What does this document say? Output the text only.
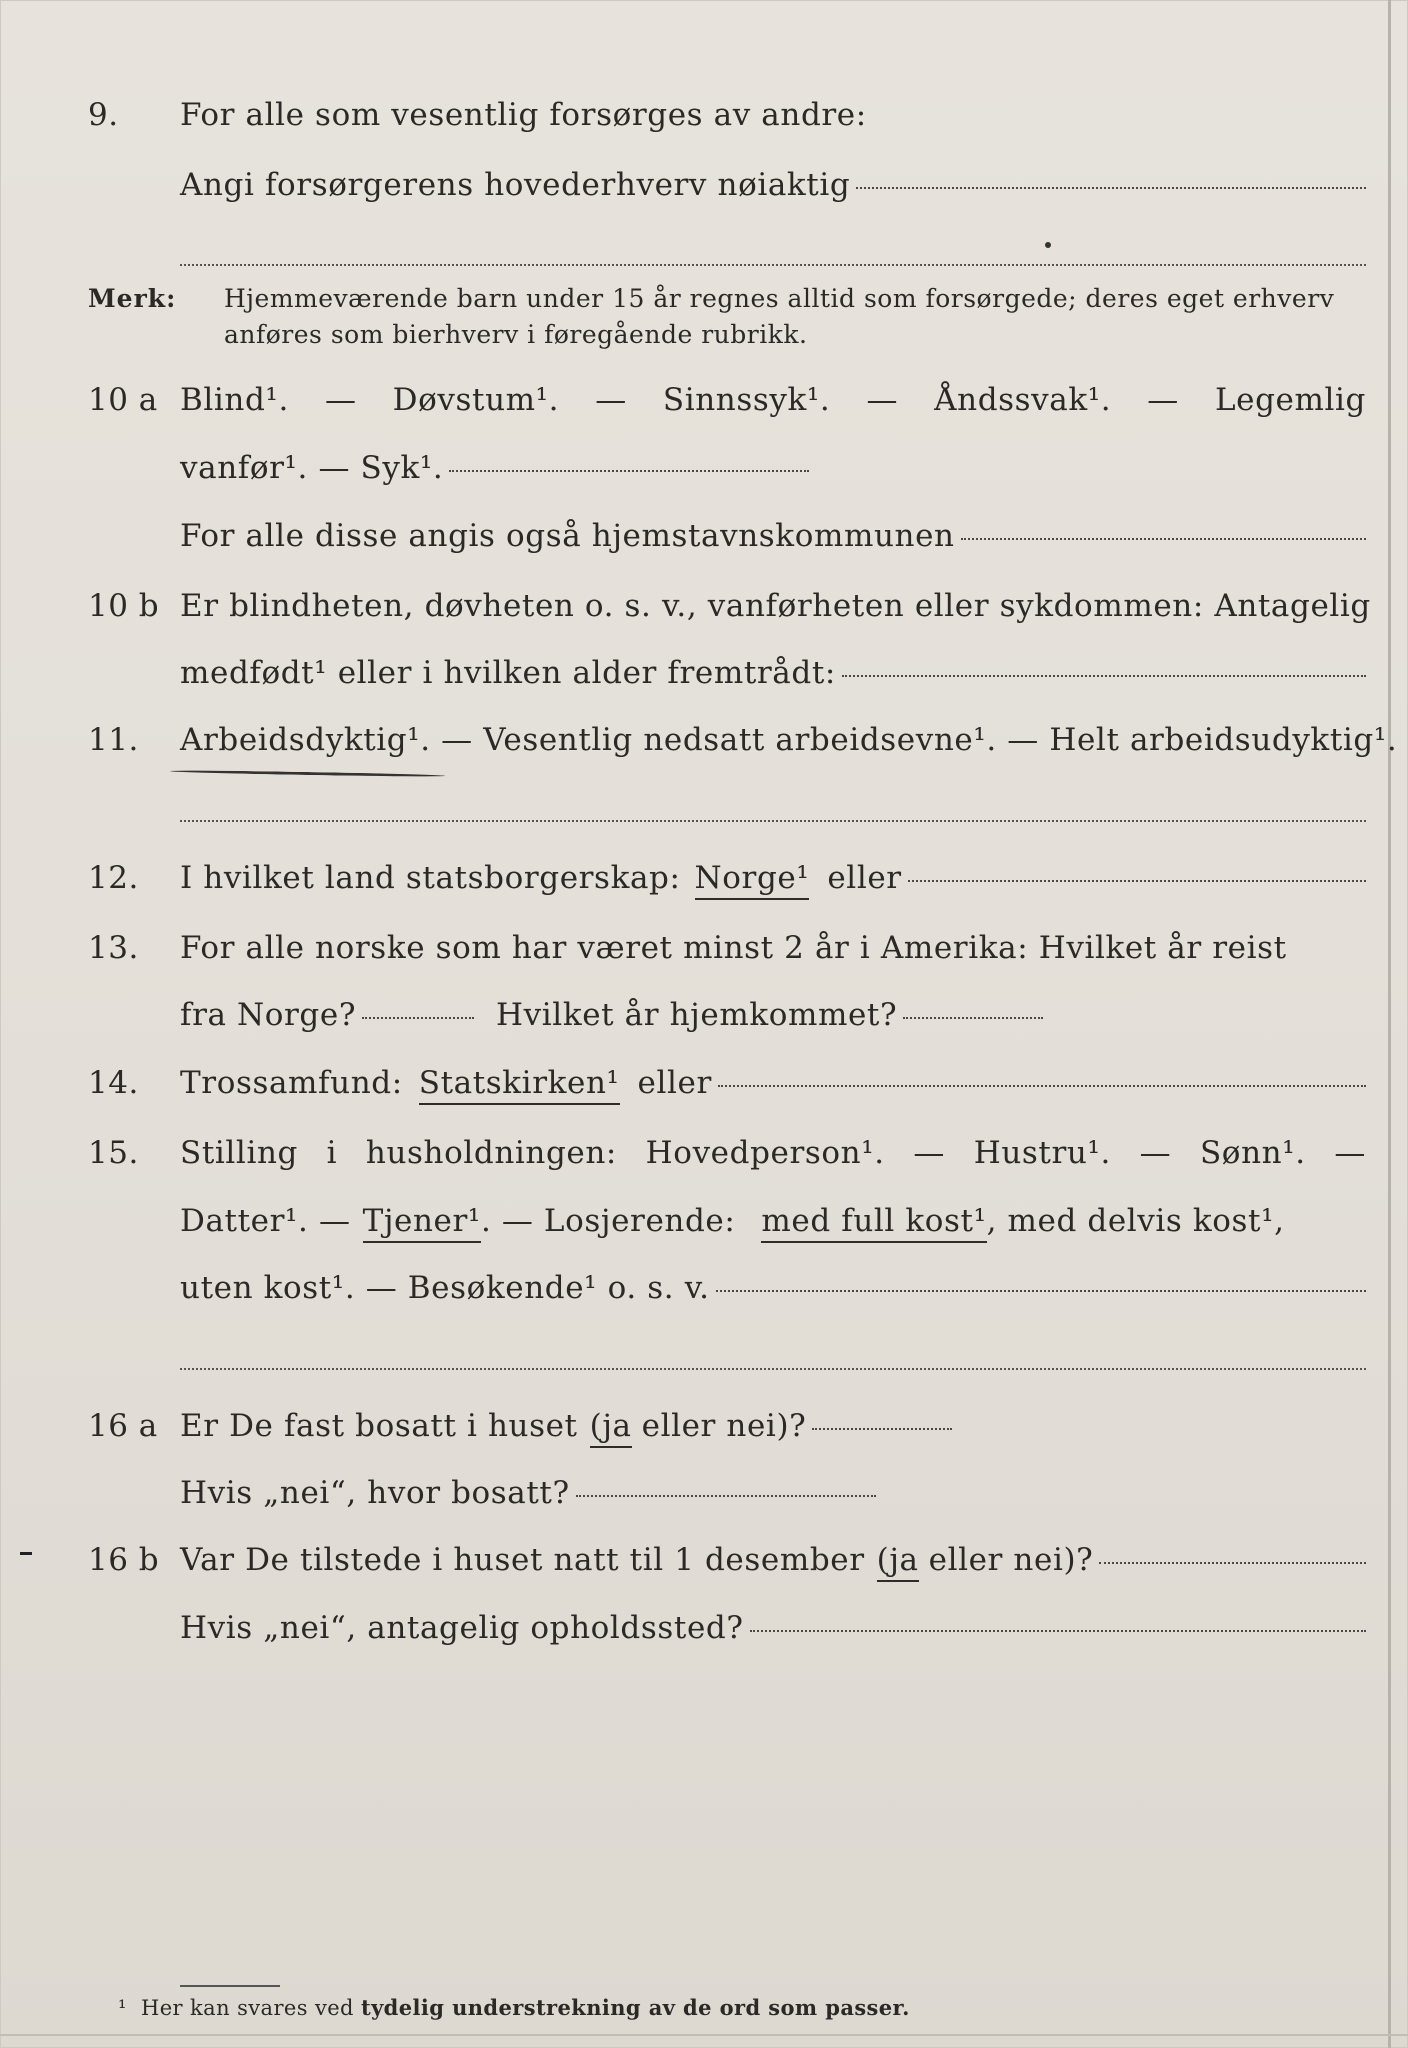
9. For alle som vesentlig forsørges av andre:
Angi forsørgerens hovederhverv nøiaktig
Merk: Hjemmeværende barn under 15 år regnes alltid som forsørgede; deres eget erhverv
anføres som bierhverv i føregående rubrikk.
10 a Blind¹. — Døvstum¹. — Sinnssyk¹. — Åndssvak¹. — Legemlig
vanfør¹. — Syk¹.
For alle disse angis også hjemstavnskommunen
10 b Er blindheten, døvheten o. s. v., vanførheten eller sykdommen: Antagelig
medfødt¹ eller i hvilken alder fremtrådt:
11. Arbeidsdyktig¹.
— Vesentlig nedsatt arbeidsevne¹. — Helt arbeidsudyktig¹.
12. I hvilket land statsborgerskap: Norge¹ eller
13. For alle norske som har været minst 2 år i Amerika: Hvilket år reist
fra Norge?	Hvilket år hjemkommet?
14. Trossamfund: Statskirken¹ eller
15. Stilling i husholdningen: Hovedperson¹. — Hustru¹. — Sønn¹. —
Datter¹. — Tjener¹ . — Losjerende: med full kost¹ , med delvis kost¹,
uten kost¹. — Besøkende¹ o. s. v.
16 a Er De fast bosatt i huset (ja eller nei)?
Hvis „nei“, hvor bosatt?
16 b Var De tilstede i huset natt til 1 desember (ja eller nei)?
Hvis „nei“, antagelig opholdssted?
¹ Her kan svares ved tydelig understrekning av de ord som passer.
